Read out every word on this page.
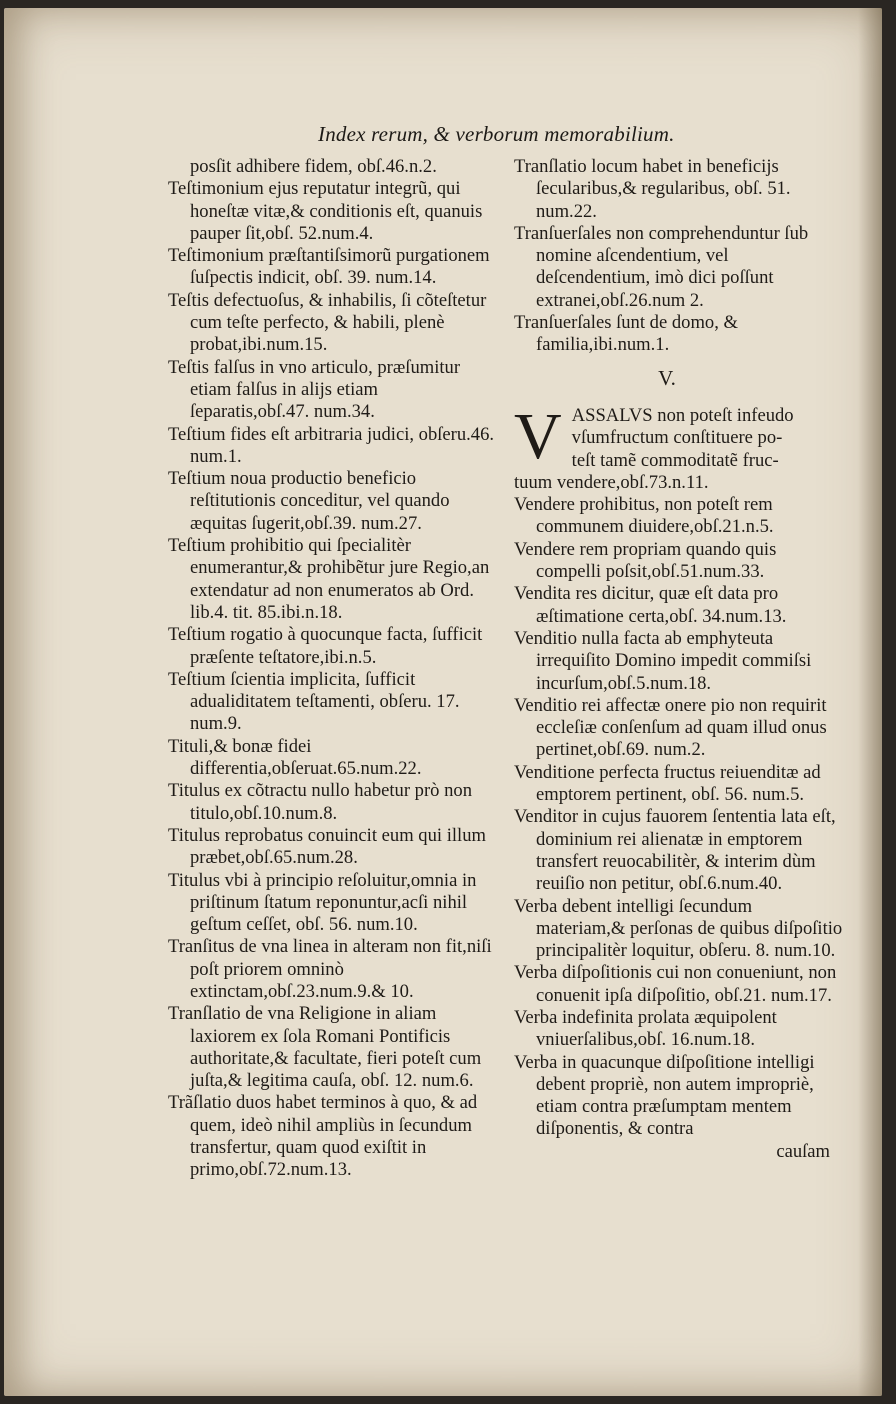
Index rerum, & verborum memorabilium.
posſit adhibere fidem, obſ.46.n.2.
Teſtimonium ejus reputatur integrũ, qui honeſtæ vitæ,& conditionis eſt, quanuis pauper ſit,obſ. 52.num.4.
Teſtimonium præſtantiſsimorũ purgationem ſuſpectis indicit, obſ. 39. num.14.
Teſtis defectuoſus, & inhabilis, ſi cõteſtetur cum teſte perfecto, & habili, plenè probat,ibi.num.15.
Teſtis falſus in vno articulo, præſumitur etiam falſus in alijs etiam ſeparatis,obſ.47. num.34.
Teſtium fides eſt arbitraria judici, obſeru.46. num.1.
Teſtium noua productio beneficio reſtitutionis conceditur, vel quando æquitas ſugerit,obſ.39. num.27.
Teſtium prohibitio qui ſpecialitèr enumerantur,& prohibẽtur jure Regio,an extendatur ad non enumeratos ab Ord. lib.4. tit. 85.ibi.n.18.
Teſtium rogatio à quocunque facta, ſufficit præſente teſtatore,ibi.n.5.
Teſtium ſcientia implicita, ſufficit adualiditatem teſtamenti, obſeru. 17. num.9.
Tituli,& bonæ fidei differentia,obſeruat.65.num.22.
Titulus ex cõtractu nullo habetur prò non titulo,obſ.10.num.8.
Titulus reprobatus conuincit eum qui illum præbet,obſ.65.num.28.
Titulus vbi à principio reſoluitur,omnia in priſtinum ſtatum reponuntur,acſi nihil geſtum ceſſet, obſ. 56. num.10.
Tranſitus de vna linea in alteram non fit,niſi poſt priorem omninò extinctam,obſ.23.num.9.& 10.
Tranſlatio de vna Religione in aliam laxiorem ex ſola Romani Pontificis authoritate,& facultate, fieri poteſt cum juſta,& legitima cauſa, obſ. 12. num.6.
Trãſlatio duos habet terminos à quo, & ad quem, ideò nihil ampliùs in ſecundum transfertur, quam quod exiſtit in primo,obſ.72.num.13.
Tranſlatio locum habet in beneficijs ſecularibus,& regularibus, obſ. 51. num.22.
Tranſuerſales non comprehenduntur ſub nomine aſcendentium, vel deſcendentium, imò dici poſſunt extranei,obſ.26.num 2.
Tranſuerſales ſunt de domo, & familia,ibi.num.1.
V.
V ASSALVS non poteſt infeudo
vſumfructum conſtituere po-
teſt tamẽ commoditatẽ fruc-
tuum vendere,obſ.73.n.11.
Vendere prohibitus, non poteſt rem communem diuidere,obſ.21.n.5.
Vendere rem propriam quando quis compelli poſsit,obſ.51.num.33.
Vendita res dicitur, quæ eſt data pro æſtimatione certa,obſ. 34.num.13.
Venditio nulla facta ab emphyteuta irrequiſito Domino impedit commiſsi incurſum,obſ.5.num.18.
Venditio rei affectæ onere pio non requirit eccleſiæ conſenſum ad quam illud onus pertinet,obſ.69. num.2.
Venditione perfecta fructus reiuenditæ ad emptorem pertinent, obſ. 56. num.5.
Venditor in cujus fauorem ſententia lata eſt, dominium rei alienatæ in emptorem transfert reuocabilitèr, & interim dùm reuiſio non petitur, obſ.6.num.40.
Verba debent intelligi ſecundum materiam,& perſonas de quibus diſpoſitio principalitèr loquitur, obſeru. 8. num.10.
Verba diſpoſitionis cui non conueniunt, non conuenit ipſa diſpoſitio, obſ.21. num.17.
Verba indefinita prolata æquipolent vniuerſalibus,obſ. 16.num.18.
Verba in quacunque diſpoſitione intelligi debent propriè, non autem impropriè, etiam contra præſumptam mentem diſponentis, & contra
cauſam
